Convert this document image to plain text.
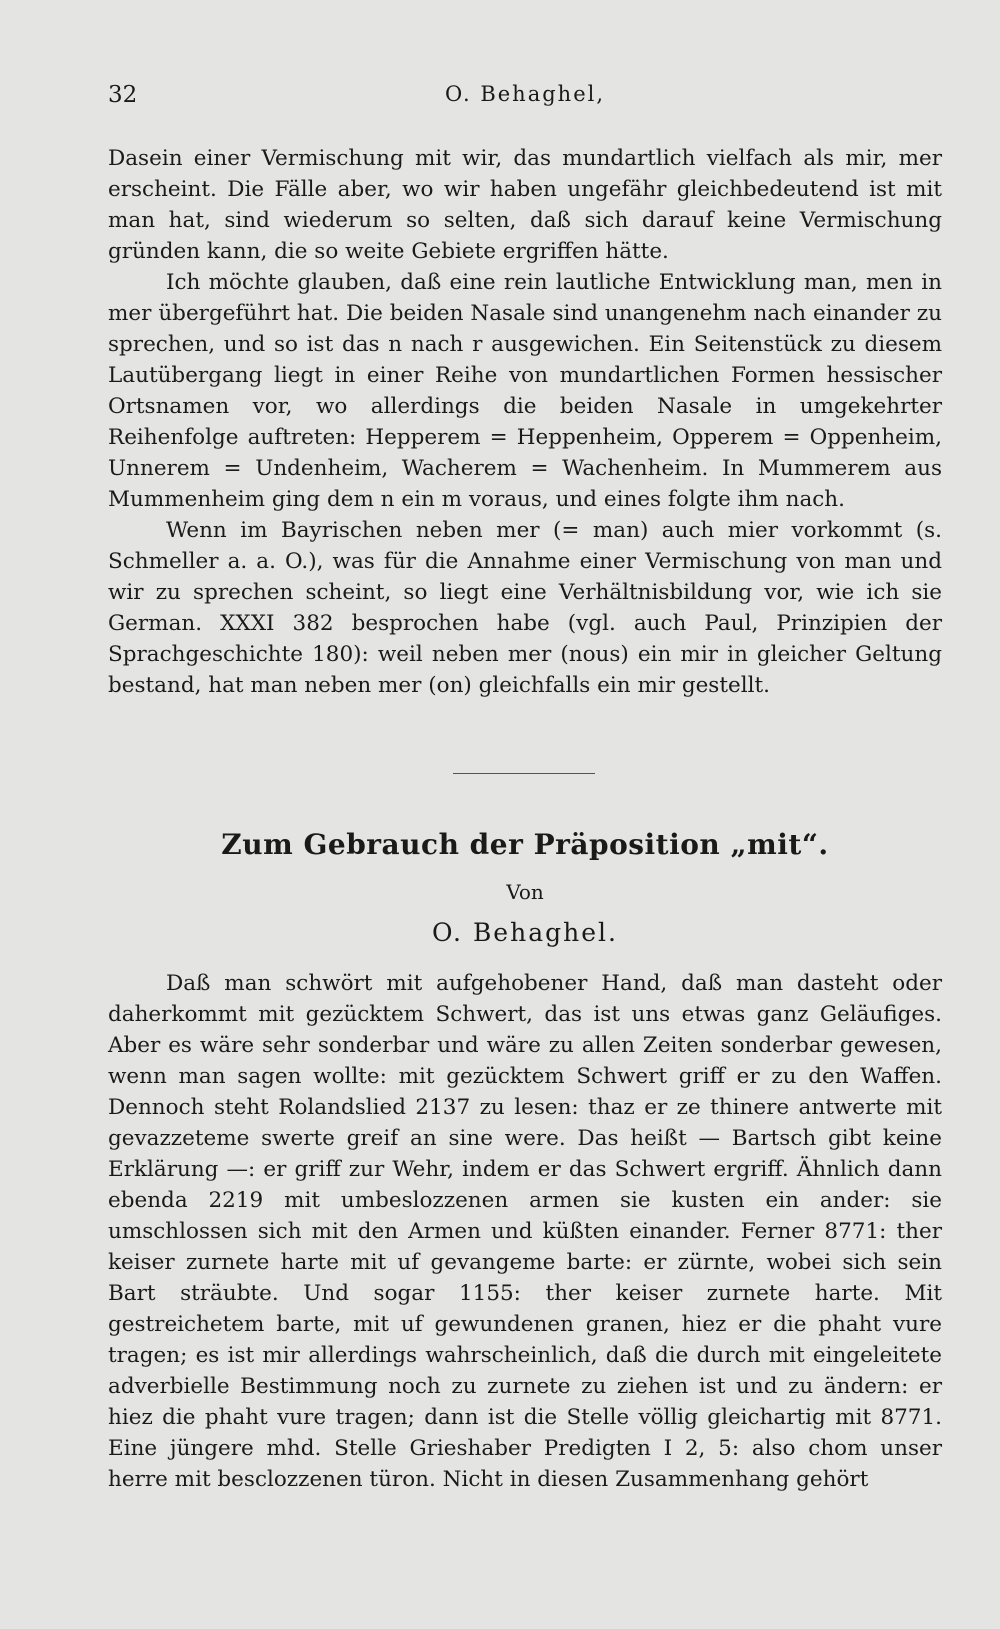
32	O. Behaghel,

Dasein einer Vermischung mit wir, das mundartlich vielfach als mir, mer erscheint. Die Fälle aber, wo wir haben ungefähr gleichbedeutend ist mit man hat, sind wiederum so selten, daß sich darauf keine Vermischung gründen kann, die so weite Gebiete ergriffen hätte.

Ich möchte glauben, daß eine rein lautliche Entwicklung man, men in mer übergeführt hat. Die beiden Nasale sind unangenehm nach einander zu sprechen, und so ist das n nach r ausgewichen. Ein Seitenstück zu diesem Lautübergang liegt in einer Reihe von mundartlichen Formen hessischer Ortsnamen vor, wo allerdings die beiden Nasale in umgekehrter Reihenfolge auftreten: Hepperem = Heppenheim, Opperem = Oppenheim, Unnerem = Undenheim, Wacherem = Wachenheim. In Mummerem aus Mummenheim ging dem n ein m voraus, und eines folgte ihm nach.

Wenn im Bayrischen neben mer (= man) auch mier vorkommt (s. Schmeller a. a. O.), was für die Annahme einer Vermischung von man und wir zu sprechen scheint, so liegt eine Verhältnisbildung vor, wie ich sie German. XXXI 382 besprochen habe (vgl. auch Paul, Prinzipien der Sprachgeschichte 180): weil neben mer (nous) ein mir in gleicher Geltung bestand, hat man neben mer (on) gleichfalls ein mir gestellt.

Zum Gebrauch der Präposition „mit“.
Von
O. Behaghel.

Daß man schwört mit aufgehobener Hand, daß man dasteht oder daherkommt mit gezücktem Schwert, das ist uns etwas ganz Geläufiges. Aber es wäre sehr sonderbar und wäre zu allen Zeiten sonderbar gewesen, wenn man sagen wollte: mit gezücktem Schwert griff er zu den Waffen. Dennoch steht Rolandslied 2137 zu lesen: thaz er ze thinere antwerte mit gevazzeteme swerte greif an sine were. Das heißt — Bartsch gibt keine Erklärung —: er griff zur Wehr, indem er das Schwert ergriff. Ähnlich dann ebenda 2219 mit umbeslozzenen armen sie kusten ein ander: sie umschlossen sich mit den Armen und küßten einander. Ferner 8771: ther keiser zurnete harte mit uf gevangeme barte: er zürnte, wobei sich sein Bart sträubte. Und sogar 1155: ther keiser zurnete harte. Mit gestreichetem barte, mit uf gewundenen granen, hiez er die phaht vure tragen; es ist mir allerdings wahrscheinlich, daß die durch mit eingeleitete adverbielle Bestimmung noch zu zurnete zu ziehen ist und zu ändern: er hiez die phaht vure tragen; dann ist die Stelle völlig gleichartig mit 8771. Eine jüngere mhd. Stelle Grieshaber Predigten I 2, 5: also chom unser herre mit besclozzenen türon. Nicht in diesen Zusammenhang gehört
